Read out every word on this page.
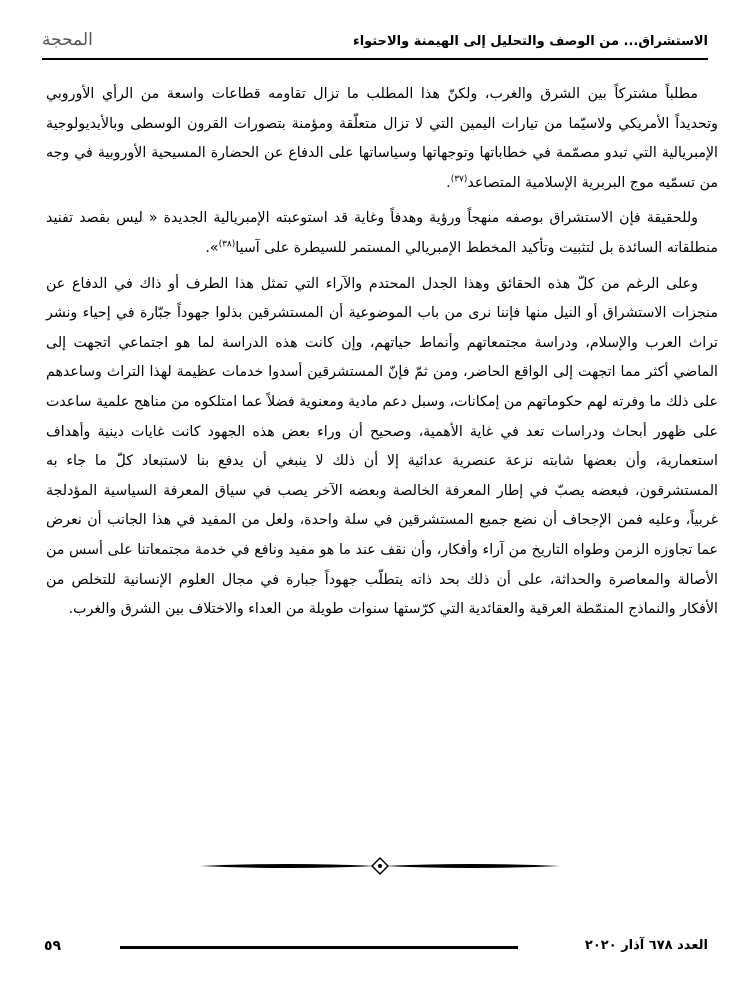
الاستشراق... من الوصف والتحليل إلى الهيمنة والاحتواء
المحجة

مطلباً مشتركاً بين الشرق والغرب، ولكنّ هذا المطلب ما تزال تقاومه قطاعات واسعة من الرأي الأوروبي وتحديداً الأمريكي ولاسيّما من تيارات اليمين التي لا تزال متعلّقة ومؤمنة بتصورات القرون الوسطى وبالأيديولوجية الإمبريالية التي تبدو مصمّمة في خطاباتها وتوجهاتها وسياساتها على الدفاع عن الحضارة المسيحية الأوروبية في وجه من تسمّيه موج البربرية الإسلامية المتصاعد$^{(٣٧)}$.

وللحقيقة فإن الاستشراق بوصفه منهجاً ورؤية وهدفاً وغاية قد استوعبته الإمبريالية الجديدة « ليس بقصد تفنيد منطلقاته السائدة بل لتثبيت وتأكيد المخطط الإمبريالي المستمر للسيطرة على آسيا$^{(٣٨)}$».

وعلى الرغم من كلّ هذه الحقائق وهذا الجدل المحتدم والآراء التي تمثل هذا الطرف أو ذاك في الدفاع عن منجزات الاستشراق أو النيل منها فإننا نرى من باب الموضوعية أن المستشرقين بذلوا جهوداً جبّارة في إحياء ونشر تراث العرب والإسلام، ودراسة مجتمعاتهم وأنماط حياتهم، وإن كانت هذه الدراسة لما هو اجتماعي اتجهت إلى الماضي أكثر مما اتجهت إلى الواقع الحاضر، ومن ثمّ فإنّ المستشرقين أسدوا خدمات عظيمة لهذا التراث وساعدهم على ذلك ما وفرته لهم حكوماتهم من إمكانات، وسبل دعم مادية ومعنوية فضلاً عما امتلكوه من مناهج علمية ساعدت على ظهور أبحاث ودراسات تعد في غاية الأهمية، وصحيح أن وراء بعض هذه الجهود كانت غايات دينية وأهداف استعمارية، وأن بعضها شابته نزعة عنصرية عدائية إلا أن ذلك لا ينبغي أن يدفع بنا لاستبعاد كلّ ما جاء به المستشرقون، فبعضه يصبّ في إطار المعرفة الخالصة وبعضه الآخر يصب في سياق المعرفة السياسية المؤدلجة غربياً، وعليه فمن الإجحاف أن نضع جميع المستشرقين في سلة واحدة، ولعل من المفيد في هذا الجانب أن نعرض عما تجاوزه الزمن وطواه التاريخ من آراء وأفكار، وأن نقف عند ما هو مفيد ونافع في خدمة مجتمعاتنا على أسس من الأصالة والمعاصرة والحداثة، على أن ذلك بحد ذاته يتطلّب جهوداً جبارة في مجال العلوم الإنسانية للتخلص من الأفكار والنماذج المنمّطة العرقية والعقائدية التي كرّستها سنوات طويلة من العداء والاختلاف بين الشرق والغرب.

٥٩	العدد ٦٧٨ آذار ٢٠٢٠
